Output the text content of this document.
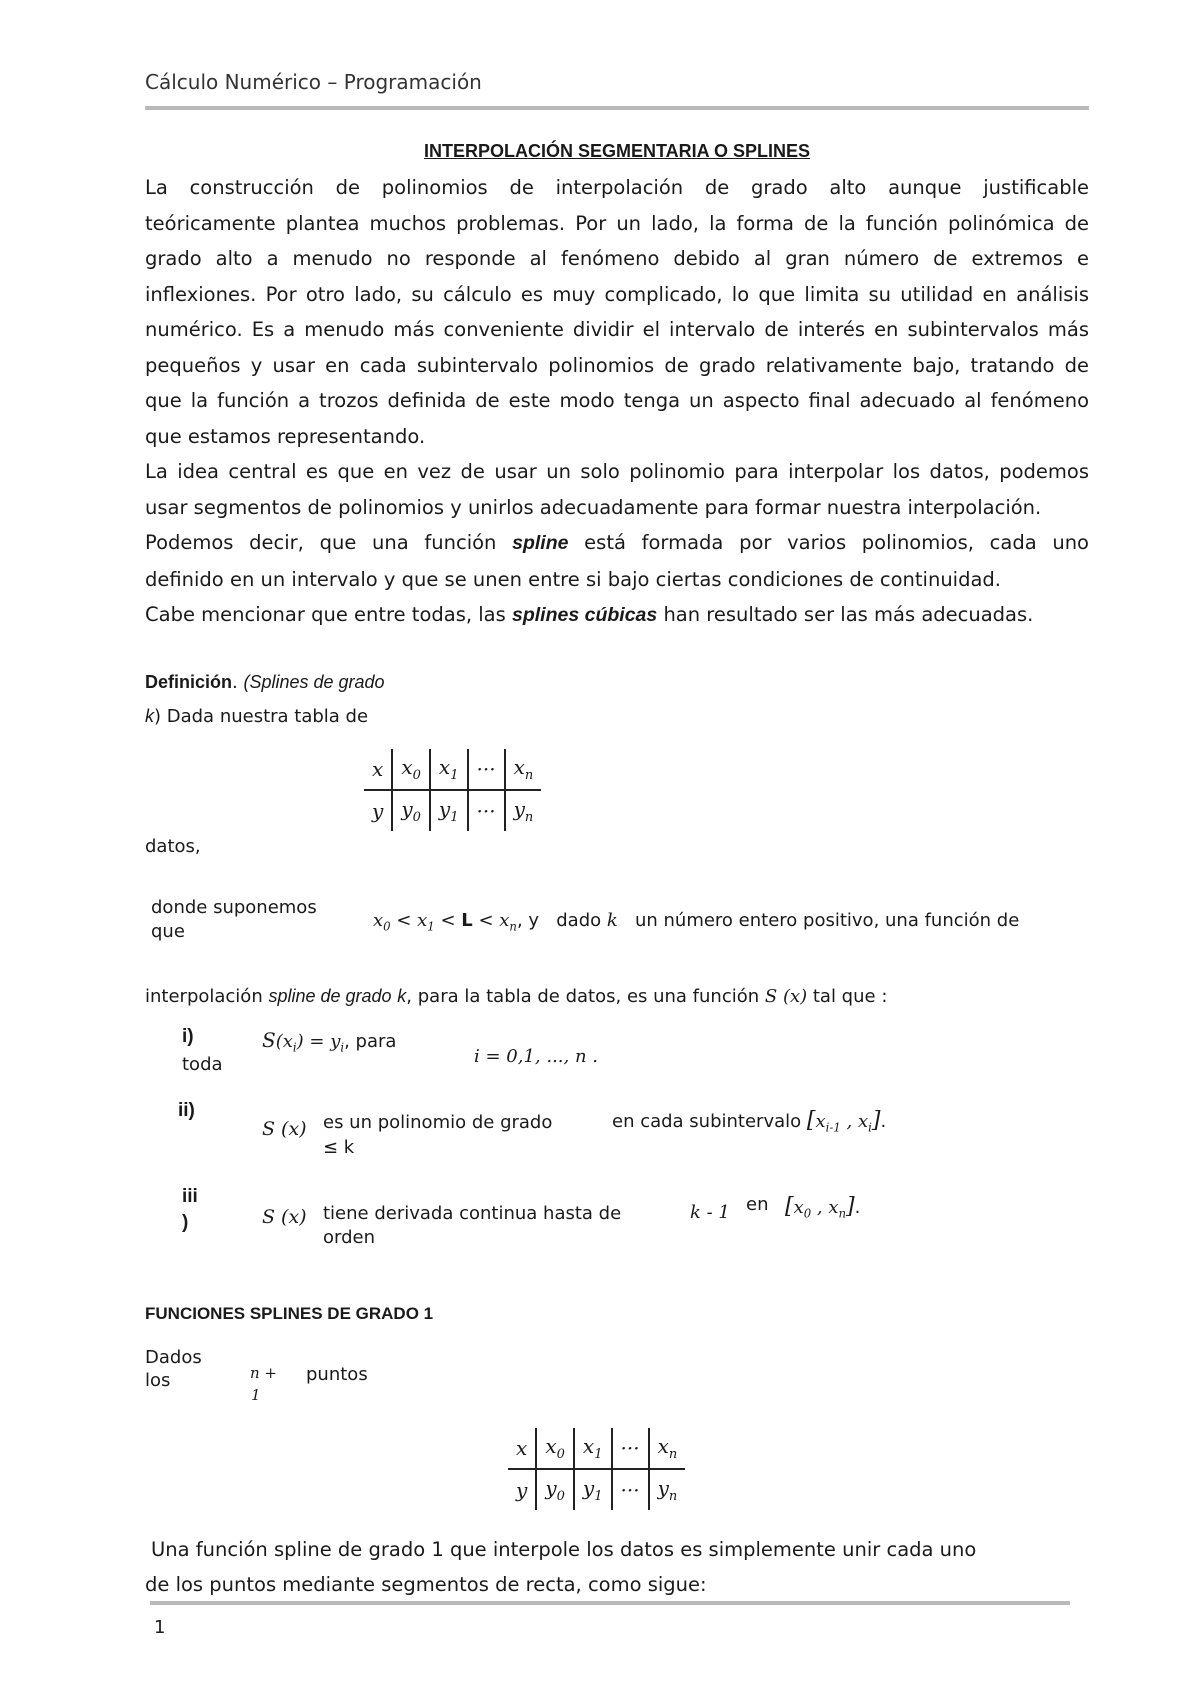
Cálculo Numérico – Programación
INTERPOLACIÓN SEGMENTARIA O SPLINES
La construcción de polinomios de interpolación de grado alto aunque justificable
teóricamente plantea muchos problemas. Por un lado, la forma de la función polinómica de
grado alto a menudo no responde al fenómeno debido al gran número de extremos e
inflexiones. Por otro lado, su cálculo es muy complicado, lo que limita su utilidad en análisis
numérico. Es a menudo más conveniente dividir el intervalo de interés en subintervalos más
pequeños y usar en cada subintervalo polinomios de grado relativamente bajo, tratando de
que la función a trozos definida de este modo tenga un aspecto final adecuado al fenómeno
que estamos representando.
La idea central es que en vez de usar un solo polinomio para interpolar los datos, podemos
usar segmentos de polinomios y unirlos adecuadamente para formar nuestra interpolación.
Podemos decir, que una función spline está formada por varios polinomios, cada uno
definido en un intervalo y que se unen entre si bajo ciertas condiciones de continuidad.
Cabe mencionar que entre todas, las splines cúbicas han resultado ser las más adecuadas.
Definición. (Splines de grado
k) Dada nuestra tabla de
x	$x_0$	$x_1$	···	$x_n$
y	$y_0$	$y_1$	···	$y_n$
datos,
donde suponemos que
$x_0 < x_1 < L < x_n$, y dado k un número entero positivo, una función de
interpolación spline de grado k, para la tabla de datos, es una función S (x) tal que :
i)
toda
$S(x_i) = y_i$, para
i = 0,1, ..., n .
ii)
S (x) es un polinomio de grado
≤ k
en cada subintervalo [$x_{i-1}$ , $x_i$].
iii
)	S (x) tiene derivada continua hasta de orden
k - 1 en [$x_0$ , $x_n$].
FUNCIONES SPLINES DE GRADO 1
Dados los	n +
1
puntos
x	$x_0$	$x_1$	···	$x_n$
y	$y_0$	$y_1$	···	$y_n$
Una función spline de grado 1 que interpole los datos es simplemente unir cada uno
de los puntos mediante segmentos de recta, como sigue:
1
